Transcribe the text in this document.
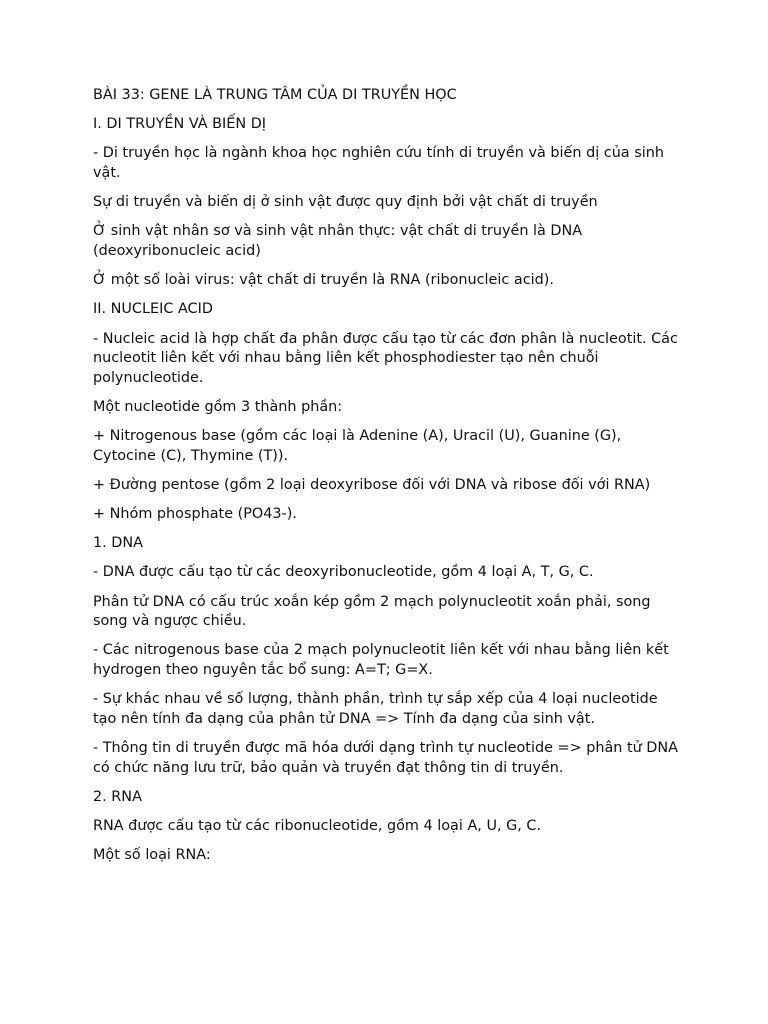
BÀI 33: GENE LÀ TRUNG TÂM CỦA DI TRUYỀN HỌC

I. DI TRUYỀN VÀ BIẾN DỊ

- Di truyền học là ngành khoa học nghiên cứu tính di truyền và biến dị của sinh vật.

Sự di truyền và biến dị ở sinh vật được quy định bởi vật chất di truyền

Ở sinh vật nhân sơ và sinh vật nhân thực: vật chất di truyền là DNA (deoxyribonucleic acid)

Ở một số loài virus: vật chất di truyền là RNA (ribonucleic acid).

II. NUCLEIC ACID

- Nucleic acid là hợp chất đa phân được cấu tạo từ các đơn phân là nucleotit. Các nucleotit liên kết với nhau bằng liên kết phosphodiester tạo nên chuỗi polynucleotide.

Một nucleotide gồm 3 thành phần:

+ Nitrogenous base (gồm các loại là Adenine (A), Uracil (U), Guanine (G), Cytocine (C), Thymine (T)).

+ Đường pentose (gồm 2 loại deoxyribose đối với DNA và ribose đối với RNA)

+ Nhóm phosphate (PO43-).

1. DNA

- DNA được cấu tạo từ các deoxyribonucleotide, gồm 4 loại A, T, G, C.

Phân tử DNA có cấu trúc xoắn kép gồm 2 mạch polynucleotit xoắn phải, song song và ngược chiều.

- Các nitrogenous base của 2 mạch polynucleotit liên kết với nhau bằng liên kết hydrogen theo nguyên tắc bổ sung: A=T; G=X.

- Sự khác nhau về số lượng, thành phần, trình tự sắp xếp của 4 loại nucleotide tạo nên tính đa dạng của phân tử DNA => Tính đa dạng của sinh vật.

- Thông tin di truyền được mã hóa dưới dạng trình tự nucleotide => phân tử DNA có chức năng lưu trữ, bảo quản và truyền đạt thông tin di truyền.

2. RNA

RNA được cấu tạo từ các ribonucleotide, gồm 4 loại A, U, G, C.

Một số loại RNA:
